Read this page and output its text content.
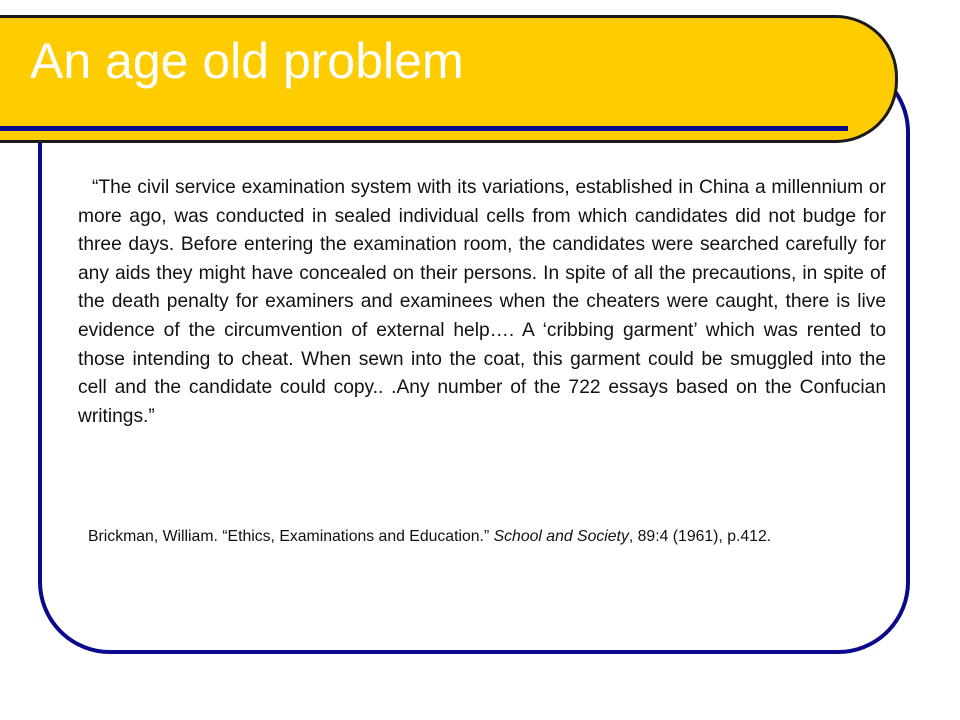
An age old problem

“The civil service examination system with its variations, established in China a millennium or more ago, was conducted in sealed individual cells from which candidates did not budge for three days. Before entering the examination room, the candidates were searched carefully for any aids they might have concealed on their persons. In spite of all the precautions, in spite of the death penalty for examiners and examinees when the cheaters were caught, there is live evidence of the circumvention of external help…. A ‘cribbing garment’ which was rented to those intending to cheat. When sewn into the coat, this garment could be smuggled into the cell and the candidate could copy.. .Any number of the 722 essays based on the Confucian writings.”

Brickman, William. “Ethics, Examinations and Education.” School and Society, 89:4 (1961), p.412.
